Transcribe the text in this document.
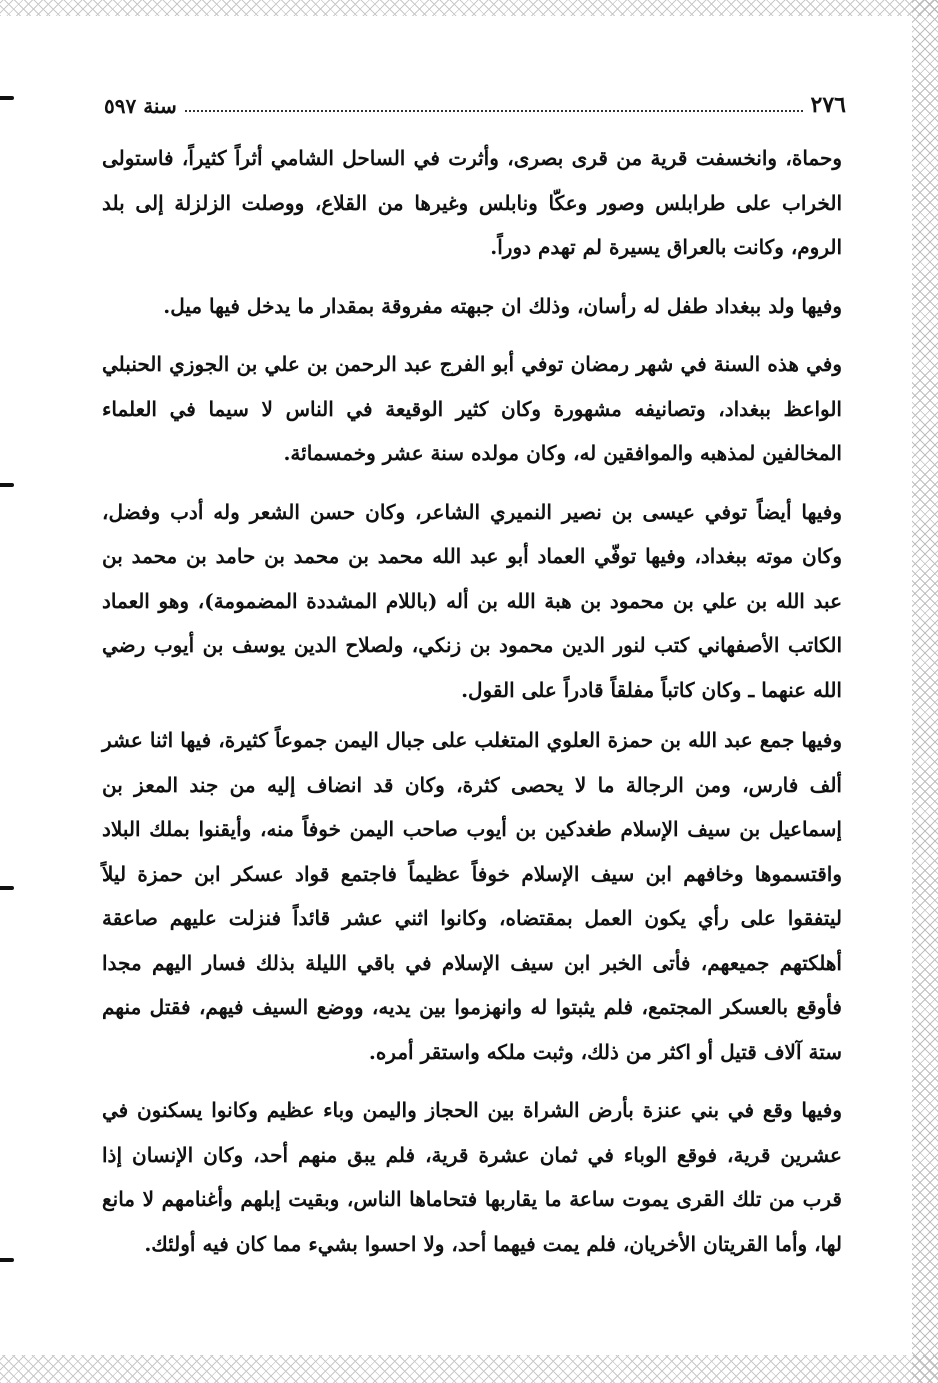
٢٧٦
سنة ٥٩٧

وحماة، وانخسفت قرية من قرى بصرى، وأثرت في الساحل الشامي أثراً كثيراً، فاستولى الخراب على طرابلس وصور وعكّا ونابلس وغيرها من القلاع، ووصلت الزلزلة إلى بلد الروم، وكانت بالعراق يسيرة لم تهدم دوراً.

وفيها ولد ببغداد طفل له رأسان، وذلك ان جبهته مفروقة بمقدار ما يدخل فيها ميل.

وفي هذه السنة في شهر رمضان توفي أبو الفرج عبد الرحمن بن علي بن الجوزي الحنبلي الواعظ ببغداد، وتصانيفه مشهورة وكان كثير الوقيعة في الناس لا سيما في العلماء المخالفين لمذهبه والموافقين له، وكان مولده سنة عشر وخمسمائة.

وفيها أيضاً توفي عيسى بن نصير النميري الشاعر، وكان حسن الشعر وله أدب وفضل، وكان موته ببغداد، وفيها توفّي العماد أبو عبد الله محمد بن محمد بن حامد بن محمد بن عبد الله بن علي بن محمود بن هبة الله بن أله (باللام المشددة المضمومة)، وهو العماد الكاتب الأصفهاني كتب لنور الدين محمود بن زنكي، ولصلاح الدين يوسف بن أيوب رضي الله عنهما ـ وكان كاتباً مفلقاً قادراً على القول.

وفيها جمع عبد الله بن حمزة العلوي المتغلب على جبال اليمن جموعاً كثيرة، فيها اثنا عشر ألف فارس، ومن الرجالة ما لا يحصى كثرة، وكان قد انضاف إليه من جند المعز بن إسماعيل بن سيف الإسلام طغدكين بن أيوب صاحب اليمن خوفاً منه، وأيقنوا بملك البلاد واقتسموها وخافهم ابن سيف الإسلام خوفاً عظيماً فاجتمع قواد عسكر ابن حمزة ليلاً ليتفقوا على رأي يكون العمل بمقتضاه، وكانوا اثني عشر قائداً فنزلت عليهم صاعقة أهلكتهم جميعهم، فأتى الخبر ابن سيف الإسلام في باقي الليلة بذلك فسار اليهم مجدا فأوقع بالعسكر المجتمع، فلم يثبتوا له وانهزموا بين يديه، ووضع السيف فيهم، فقتل منهم ستة آلاف قتيل أو اكثر من ذلك، وثبت ملكه واستقر أمره.

وفيها وقع في بني عنزة بأرض الشراة بين الحجاز واليمن وباء عظيم وكانوا يسكنون في عشرين قرية، فوقع الوباء في ثمان عشرة قرية، فلم يبق منهم أحد، وكان الإنسان إذا قرب من تلك القرى يموت ساعة ما يقاربها فتحاماها الناس، وبقيت إبلهم وأغنامهم لا مانع لها، وأما القريتان الأخريان، فلم يمت فيهما أحد، ولا احسوا بشيء مما كان فيه أولئك.
